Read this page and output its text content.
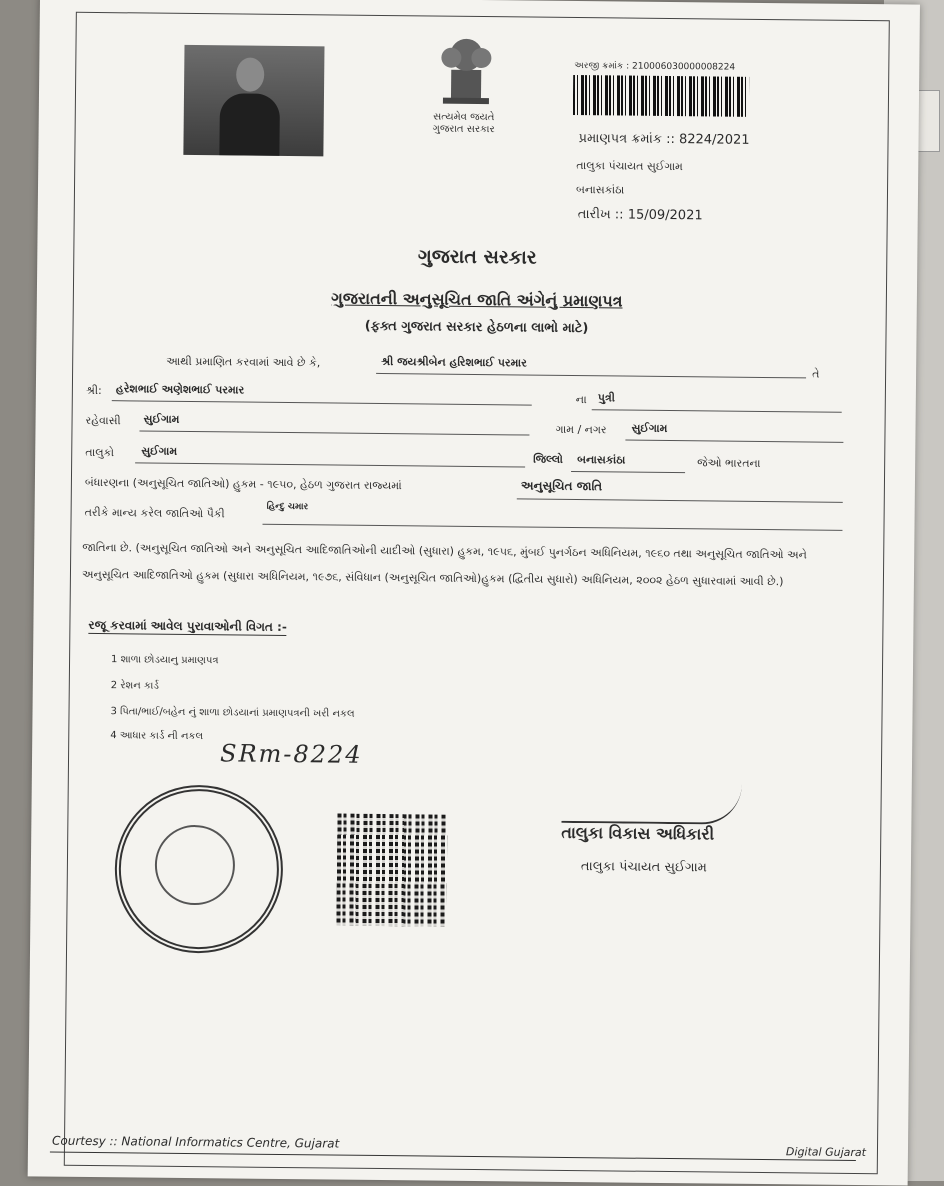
સત્યમેવ જયતે
ગુજરાત સરકાર
અરજી ક્રમાંક : 210006030000008224
પ્રમાણપત્ર ક્રમાંક :: 8224/2021
તાલુકા પંચાયત સુઈગામ
બનાસકાંઠા
તારીખ :: 15/09/2021
ગુજરાત સરકાર
ગુજરાતની અનુસૂચિત જાતિ અંગેનું પ્રમાણપત્ર
(ફક્ત ગુજરાત સરકાર હેઠળના લાભો માટે)
આથી પ્રમાણિત કરવામાં આવે છે કે,	શ્રી જયશ્રીબેન હરિશભાઈ પરમાર
તે
શ્રી: હરેશભાઈ અણેશભાઈ પરમાર
ના પુત્રી
રહેવાસી સુઈગામ
ગામ / નગર સુઈગામ
તાલુકો સુઈગામ
જિલ્લો બનાસકાંઠા	જેઓ ભારતના
બંધારણના (અનુસૂચિત જાતિઓ) હુકમ - ૧૯૫૦, હેઠળ ગુજરાત રાજ્યમાં	અનુસૂચિત જાતિ
તરીકે માન્ય કરેલ જાતિઓ પૈકી	હિન્દુ ચમાર
જાતિના છે. (અનુસૂચિત જાતિઓ અને અનુસૂચિત આદિજાતિઓની યાદીઓ (સુધારા) હુકમ, ૧૯૫૬, મુંબઈ પુનર્ગઠન અધિનિયમ, ૧૯૬૦ તથા અનુસૂચિત જાતિઓ અને અનુસૂચિત આદિજાતિઓ હુકમ (સુધારા અધિનિયમ, ૧૯૭૬, સંવિધાન (અનુસૂચિત જાતિઓ)હુકમ (દ્વિતીય સુધારો) અધિનિયમ, ૨૦૦૨ હેઠળ સુધારવામાં આવી છે.)
રજૂ કરવામાં આવેલ પુરાવાઓની વિગત :-
1 શાળા છોડયાનુ પ્રમાણપત્ર
2 રેશન કાર્ડ
3 પિતા/ભાઈ/બહેન નું શાળા છોડયાનાં પ્રમાણપત્રની ખરી નકલ
4 આધાર કાર્ડ ની નકલ
SRm-8224
તાલુકા વિકાસ અધિકારી
તાલુકા પંચાયત સુઈગામ
Courtesy :: National Informatics Centre, Gujarat
Digital Gujarat
